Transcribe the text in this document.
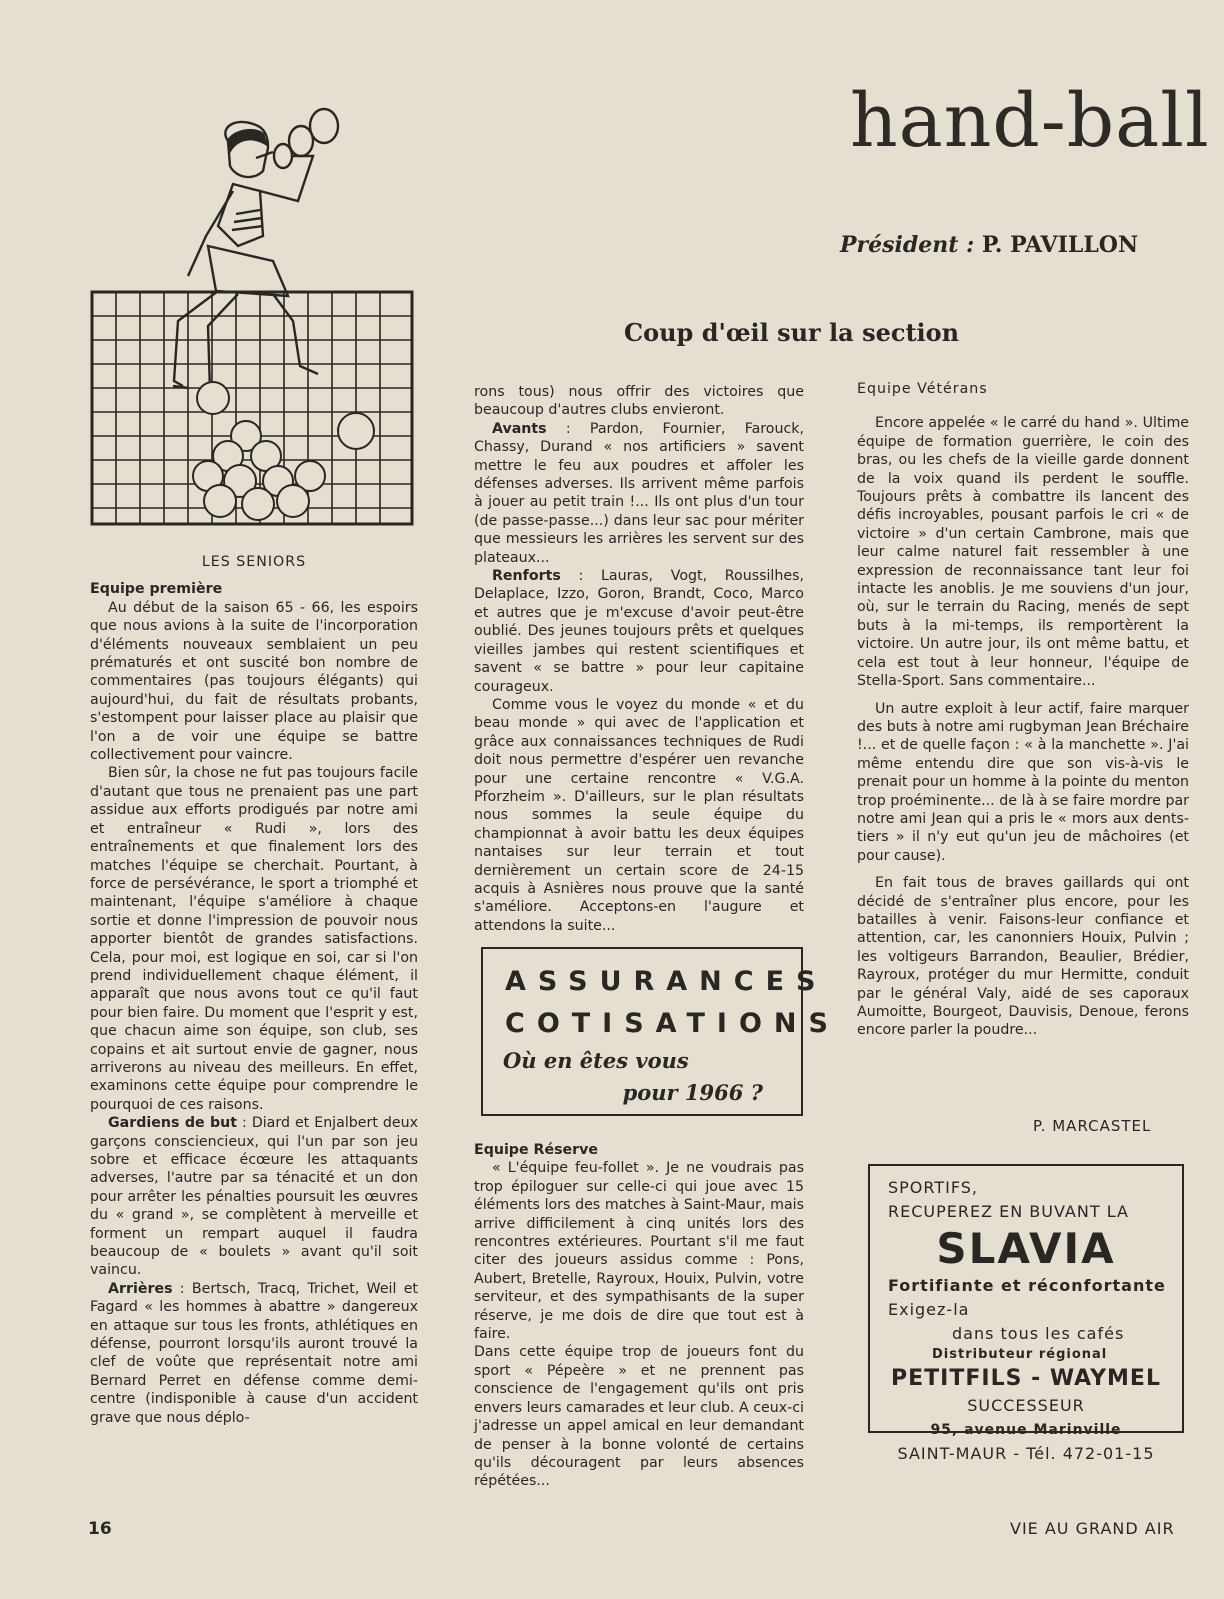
hand-ball
Président : P. PAVILLON
Coup d'œil sur la section
LES SENIORS

Equipe première

Au début de la saison 65 - 66, les espoirs que nous avions à la suite de l'incorporation d'éléments nouveaux semblaient un peu prématurés et ont suscité bon nombre de commentaires (pas toujours élégants) qui aujourd'hui, du fait de résultats probants, s'estompent pour laisser place au plaisir que l'on a de voir une équipe se battre collectivement pour vaincre.

Bien sûr, la chose ne fut pas toujours facile d'autant que tous ne prenaient pas une part assidue aux efforts prodigués par notre ami et entraîneur « Rudi », lors des entraînements et que finalement lors des matches l'équipe se cherchait. Pourtant, à force de persévérance, le sport a triomphé et maintenant, l'équipe s'améliore à chaque sortie et donne l'impression de pouvoir nous apporter bientôt de grandes satisfactions. Cela, pour moi, est logique en soi, car si l'on prend individuellement chaque élément, il apparaît que nous avons tout ce qu'il faut pour bien faire. Du moment que l'esprit y est, que chacun aime son équipe, son club, ses copains et ait surtout envie de gagner, nous arriverons au niveau des meilleurs. En effet, examinons cette équipe pour comprendre le pourquoi de ces raisons.

Gardiens de but : Diard et Enjalbert deux garçons consciencieux, qui l'un par son jeu sobre et efficace écœure les attaquants adverses, l'autre par sa ténacité et un don pour arrêter les pénalties poursuit les œuvres du « grand », se complètent à merveille et forment un rempart auquel il faudra beaucoup de « boulets » avant qu'il soit vaincu.

Arrières : Bertsch, Tracq, Trichet, Weil et Fagard « les hommes à abattre » dangereux en attaque sur tous les fronts, athlétiques en défense, pourront lorsqu'ils auront trouvé la clef de voûte que représentait notre ami Bernard Perret en défense comme demi-centre (indisponible à cause d'un accident grave que nous déplo-

rons tous) nous offrir des victoires que beaucoup d'autres clubs envieront.

Avants : Pardon, Fournier, Farouck, Chassy, Durand « nos artificiers » savent mettre le feu aux poudres et affoler les défenses adverses. Ils arrivent même parfois à jouer au petit train !... Ils ont plus d'un tour (de passe-passe...) dans leur sac pour mériter que messieurs les arrières les servent sur des plateaux...

Renforts : Lauras, Vogt, Roussilhes, Delaplace, Izzo, Goron, Brandt, Coco, Marco et autres que je m'excuse d'avoir peut-être oublié. Des jeunes toujours prêts et quelques vieilles jambes qui restent scientifiques et savent « se battre » pour leur capitaine courageux.

Comme vous le voyez du monde « et du beau monde » qui avec de l'application et grâce aux connaissances techniques de Rudi doit nous permettre d'espérer uen revanche pour une certaine rencontre « V.G.A. Pforzheim ». D'ailleurs, sur le plan résultats nous sommes la seule équipe du championnat à avoir battu les deux équipes nantaises sur leur terrain et tout dernièrement un certain score de 24-15 acquis à Asnières nous prouve que la santé s'améliore. Acceptons-en l'augure et attendons la suite...

ASSURANCES
COTISATIONS
Où en êtes vous
pour 1966 ?

Equipe Réserve

« L'équipe feu-follet ». Je ne voudrais pas trop épiloguer sur celle-ci qui joue avec 15 éléments lors des matches à Saint-Maur, mais arrive difficilement à cinq unités lors des rencontres extérieures. Pourtant s'il me faut citer des joueurs assidus comme : Pons, Aubert, Bretelle, Rayroux, Houix, Pulvin, votre serviteur, et des sympathisants de la super réserve, je me dois de dire que tout est à faire.

Dans cette équipe trop de joueurs font du sport « Pépeère » et ne prennent pas conscience de l'engagement qu'ils ont pris envers leurs camarades et leur club. A ceux-ci j'adresse un appel amical en leur demandant de penser à la bonne volonté de certains qu'ils découragent par leurs absences répétées...

Equipe Vétérans

Encore appelée « le carré du hand ». Ultime équipe de formation guerrière, le coin des bras, ou les chefs de la vieille garde donnent de la voix quand ils perdent le souffle. Toujours prêts à combattre ils lancent des défis incroyables, pousant parfois le cri « de victoire » d'un certain Cambrone, mais que leur calme naturel fait ressembler à une expression de reconnaissance tant leur foi intacte les anoblis. Je me souviens d'un jour, où, sur le terrain du Racing, menés de sept buts à la mi-temps, ils remportèrent la victoire. Un autre jour, ils ont même battu, et cela est tout à leur honneur, l'équipe de Stella-Sport. Sans commentaire...

Un autre exploit à leur actif, faire marquer des buts à notre ami rugbyman Jean Bréchaire !... et de quelle façon : « à la manchette ». J'ai même entendu dire que son vis-à-vis le prenait pour un homme à la pointe du menton trop proéminente... de là à se faire mordre par notre ami Jean qui a pris le « mors aux dents-tiers » il n'y eut qu'un jeu de mâchoires (et pour cause).

En fait tous de braves gaillards qui ont décidé de s'entraîner plus encore, pour les batailles à venir. Faisons-leur confiance et attention, car, les canonniers Houix, Pulvin ; les voltigeurs Barrandon, Beaulier, Brédier, Rayroux, protéger du mur Hermitte, conduit par le général Valy, aidé de ses caporaux Aumoitte, Bourgeot, Dauvisis, Denoue, ferons encore parler la poudre...

P. MARCASTEL
SPORTIFS,
RECUPEREZ EN BUVANT LA
SLAVIA
Fortifiante et réconfortante
Exigez-la
dans tous les cafés
Distributeur régional
PETITFILS - WAYMEL
SUCCESSEUR
95, avenue Marinville
SAINT-MAUR - Tél. 472-01-15
16	VIE AU GRAND AIR
